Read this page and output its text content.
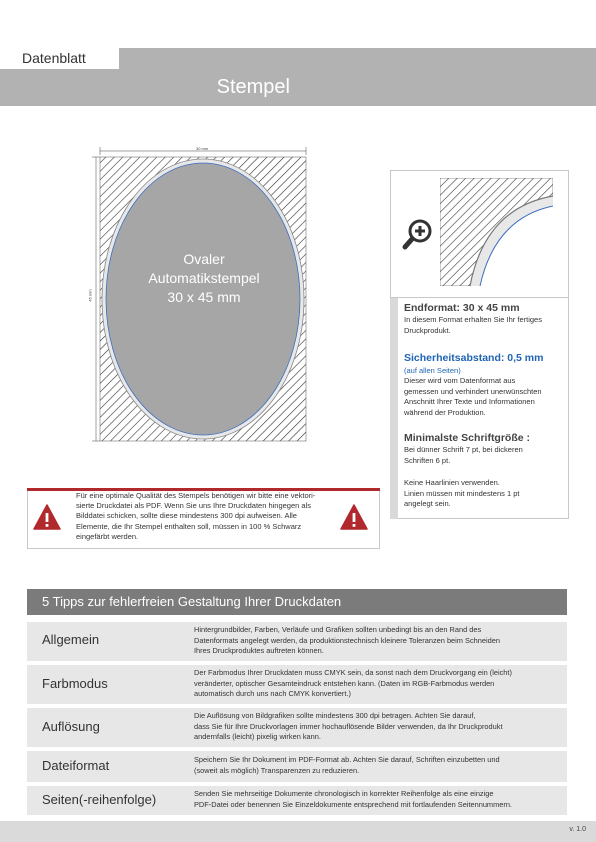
Datenblatt
Stempel
30 mm
45 mm
Ovaler
Automatikstempel
30 x 45 mm
Endformat: 30 x 45 mm
In diesem Format erhalten Sie Ihr fertiges
Druckprodukt.
Sicherheitsabstand: 0,5 mm
(auf allen Seiten)
Dieser wird vom Datenformat aus
gemessen und verhindert unerwünschten
Anschnitt Ihrer Texte und Informationen
während der Produktion.
Minimalste Schriftgröße :
Bei dünner Schrift 7 pt, bei dickeren
Schriften 6 pt.
Keine Haarlinien verwenden.
Linien müssen mit mindestens 1 pt
angelegt sein.
Für eine optimale Qualität des Stempels benötigen wir bitte eine vektori-
sierte Druckdatei als PDF. Wenn Sie uns Ihre Druckdaten hingegen als
Bilddatei schicken, sollte diese mindestens 300 dpi aufweisen. Alle
Elemente, die Ihr Stempel enthalten soll, müssen in 100 % Schwarz
eingefärbt werden.
5 Tipps zur fehlerfreien Gestaltung Ihrer Druckdaten
Allgemein
Hintergrundbilder, Farben, Verläufe und Grafiken sollten unbedingt bis an den Rand des
Datenformats angelegt werden, da produktionstechnisch kleinere Toleranzen beim Schneiden
Ihres Druckproduktes auftreten können.
Farbmodus
Der Farbmodus Ihrer Druckdaten muss CMYK sein, da sonst nach dem Druckvorgang ein (leicht)
veränderter, optischer Gesamteindruck entstehen kann. (Daten im RGB-Farbmodus werden
automatisch durch uns nach CMYK konvertiert.)
Auflösung
Die Auflösung von Bildgrafiken sollte mindestens 300 dpi betragen. Achten Sie darauf,
dass Sie für Ihre Druckvorlagen immer hochauflösende Bilder verwenden, da Ihr Druckprodukt
andernfalls (leicht) pixelig wirken kann.
Dateiformat	Speichern Sie Ihr Dokument im PDF-Format ab. Achten Sie darauf, Schriften einzubetten und
(soweit als möglich) Transparenzen zu reduzieren.
Seiten(-reihenfolge)	Senden Sie mehrseitige Dokumente chronologisch in korrekter Reihenfolge als eine einzige
PDF-Datei oder benennen Sie Einzeldokumente entsprechend mit fortlaufenden Seitennummern.
v. 1.0
